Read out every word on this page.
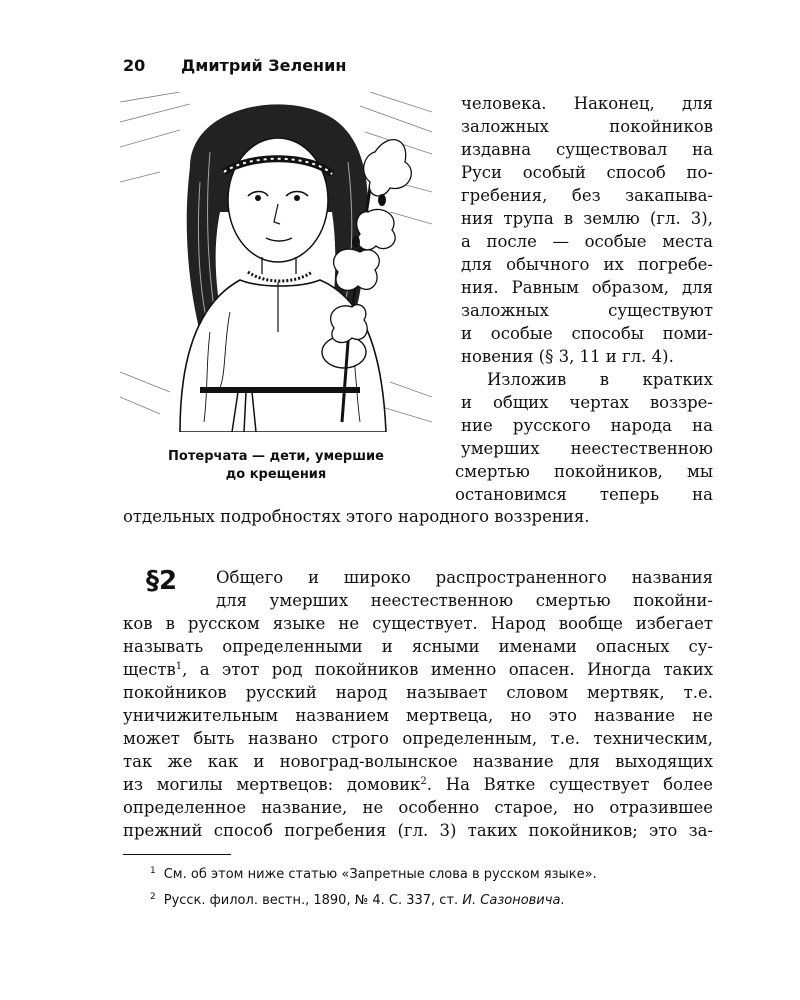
20 Дмитрий Зеленин
Потерчата — дети, умершие
до крещения
человека. Наконец, для
заложных покойников
издавна существовал на
Руси особый способ по-
гребения, без закапыва-
ния трупа в землю (гл. 3),
а после — особые места
для обычного их погребе-
ния. Равным образом, для
заложных существуют
и особые способы поми-
новения (§ 3, 11 и гл. 4).
Изложив в кратких
и общих чертах воззре-
ние русского народа на
умерших неестественною
смертью покойников, мы
остановимся теперь на
отдельных подробностях этого народного воззрения.
§2	Общего и широко распространенного названия
для умерших неестественною смертью покойни-
ков в русском языке не существует. Народ вообще избегает
называть определенными и ясными именами опасных су-
ществ$^1$, а этот род покойников именно опасен. Иногда таких
покойников русский народ называет словом мертвяк, т.е.
уничижительным названием мертвеца, но это название не
может быть названо строго определенным, т.е. техническим,
так же как и новоград-волынское название для выходящих
из могилы мертвецов: домовик$^2$. На Вятке существует более
определенное название, не особенно старое, но отразившее
прежний способ погребения (гл. 3) таких покойников; это за-
$^1$ См. об этом ниже статью «Запретные слова в русском языке».
$^2$ Русск. филол. вестн., 1890, № 4. С. 337, ст. И. Сазоновича.
